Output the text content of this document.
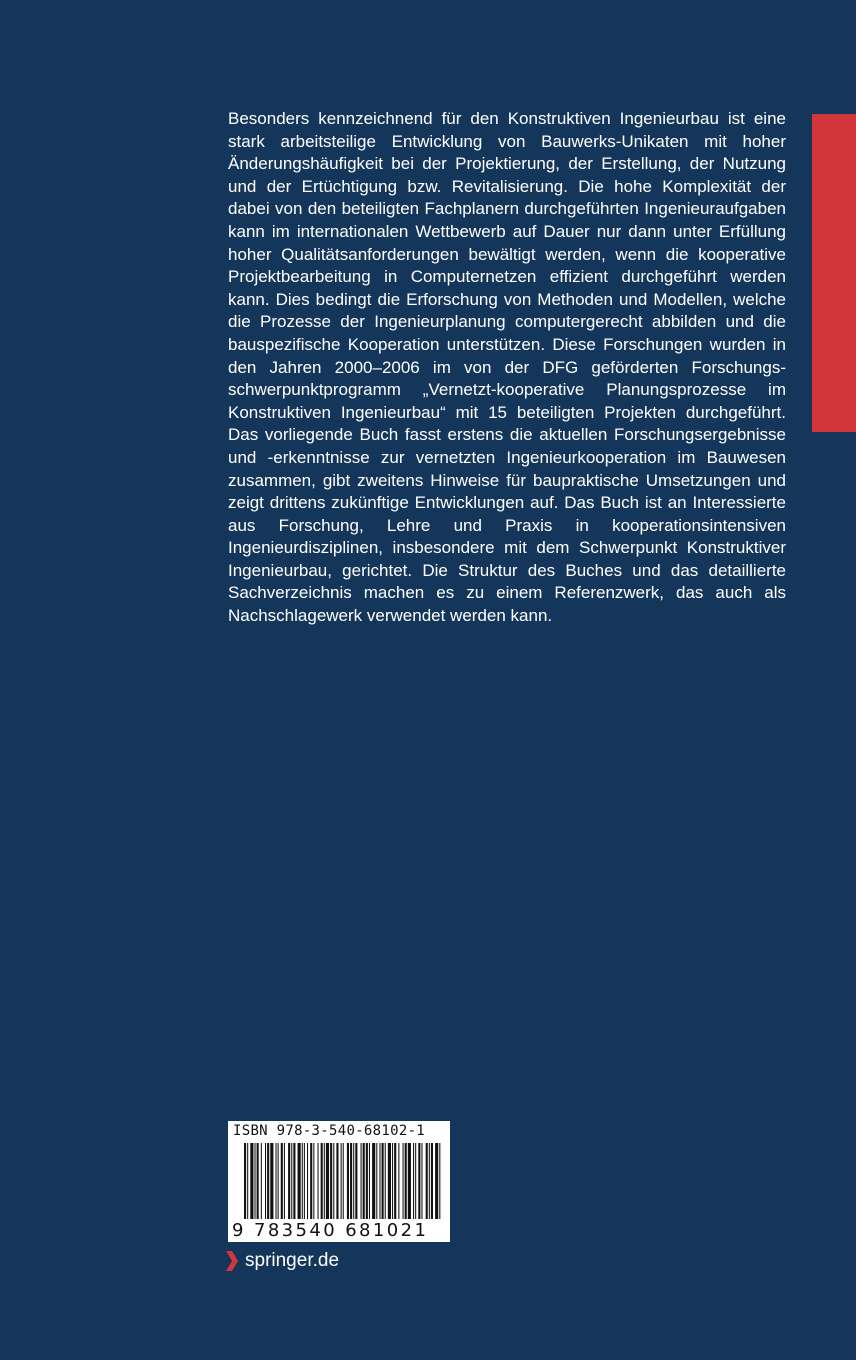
Besonders kennzeichnend für den Konstruktiven Ingenieurbau ist eine stark arbeitsteilige Entwicklung von Bauwerks-Unikaten mit hoher Änderungshäufigkeit bei der Projektierung, der Erstellung, der Nutzung und der Ertüchtigung bzw. Revitalisierung. Die hohe Komplexität der dabei von den beteiligten Fachplanern durchgeführten Ingenieuraufgaben kann im internationalen Wettbewerb auf Dauer nur dann unter Erfüllung hoher Qualitätsanforderungen bewältigt werden, wenn die kooperative Projektbearbeitung in Computernetzen effizient durchgeführt werden kann. Dies bedingt die Erforschung von Methoden und Modellen, welche die Prozesse der Ingenieurplanung computergerecht abbilden und die bauspezifische Kooperation unterstützen. Diese Forschungen wurden in den Jahren 2000–2006 im von der DFG geförderten Forschungsschwerpunktprogramm „Vernetzt-kooperative Planungsprozesse im Konstruktiven Ingenieurbau“ mit 15 beteiligten Projekten durchgeführt. Das vorliegende Buch fasst erstens die aktuellen Forschungsergebnisse und -erkenntnisse zur vernetzten Ingenieurkooperation im Bauwesen zusammen, gibt zweitens Hinweise für baupraktische Umsetzungen und zeigt drittens zukünftige Entwicklungen auf. Das Buch ist an Interessierte aus Forschung, Lehre und Praxis in kooperationsintensiven Ingenieurdisziplinen, insbesondere mit dem Schwerpunkt Konstruktiver Ingenieurbau, gerichtet. Die Struktur des Buches und das detaillierte Sachverzeichnis machen es zu einem Referenzwerk, das auch als Nachschlagewerk verwendet werden kann.

ISBN 978-3-540-68102-1
9 783540 681021
springer.de
